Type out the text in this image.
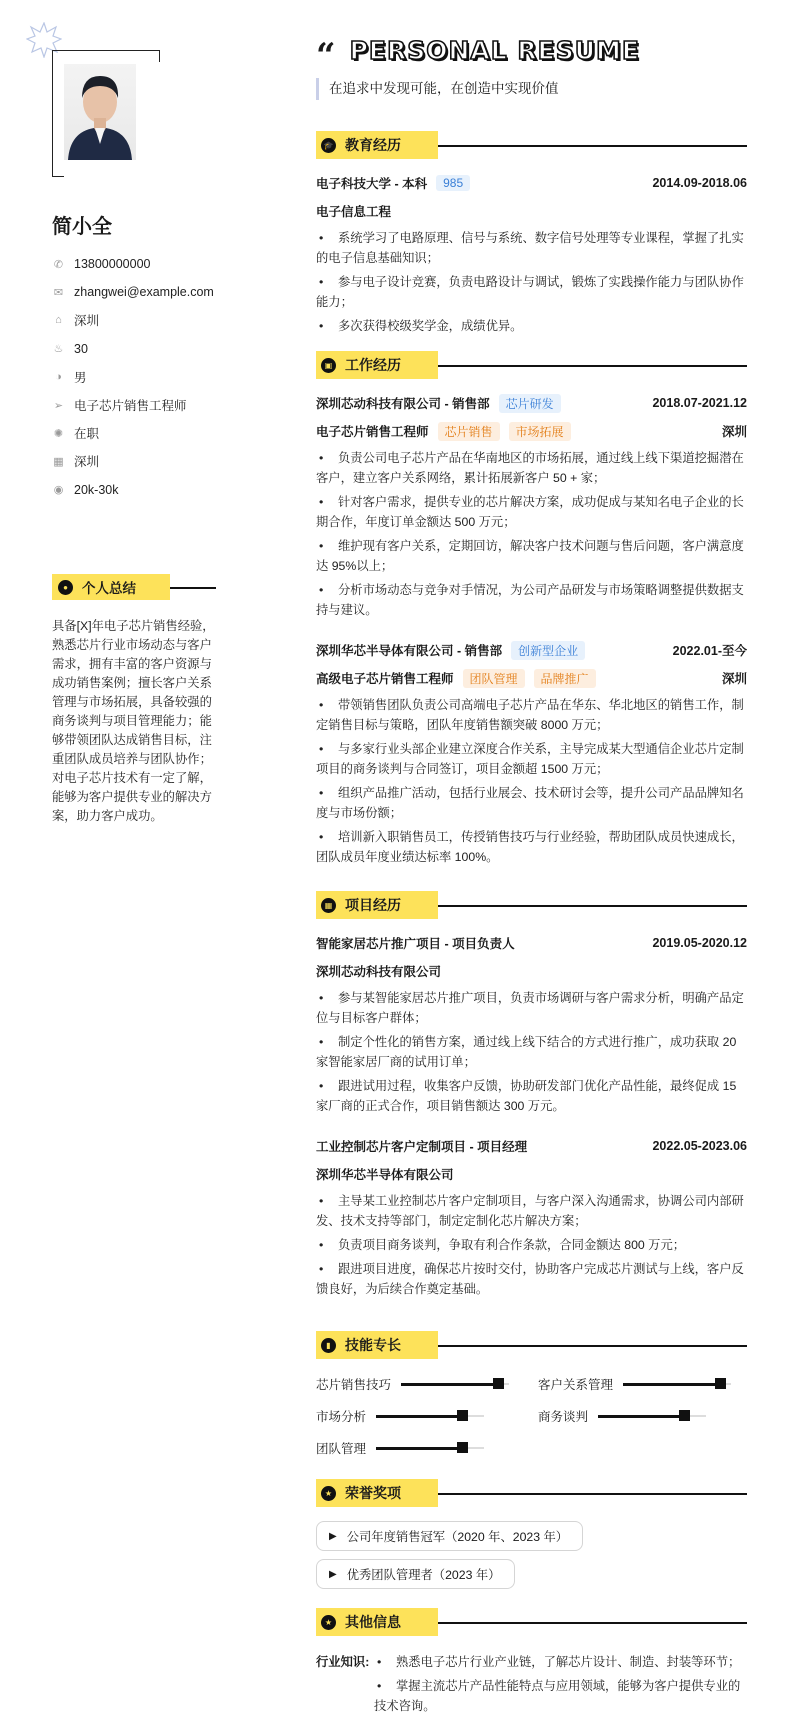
简小全
✆ 13800000000
✉ zhangwei@example.com
⌂ 深圳
♨ 30
◑ 男
➢ 电子芯片销售工程师
✺ 在职
▦ 深圳
◉ 20k-30k
●	个人总结
具备[X]年电子芯片销售经验，熟悉芯片行业市场动态与客户需求，拥有丰富的客户资源与成功销售案例；擅长客户关系管理与市场拓展，具备较强的商务谈判与项目管理能力；能够带领团队达成销售目标，注重团队成员培养与团队协作；对电子芯片技术有一定了解，能够为客户提供专业的解决方案，助力客户成功。
“ PERSONAL RESUME
在追求中发现可能，在创造中实现价值
🎓 教育经历
电子科技大学 - 本科	985	2014.09-2018.06
电子信息工程
• 系统学习了电路原理、信号与系统、数字信号处理等专业课程，掌握了扎实的电子信息基础知识；
• 参与电子设计竞赛，负责电路设计与调试，锻炼了实践操作能力与团队协作能力；
• 多次获得校级奖学金，成绩优异。
▣ 工作经历
深圳芯动科技有限公司 - 销售部	芯片研发	2018.07-2021.12
电子芯片销售工程师	芯片销售	市场拓展	深圳
• 负责公司电子芯片产品在华南地区的市场拓展，通过线上线下渠道挖掘潜在客户，建立客户关系网络，累计拓展新客户 50 + 家；
• 针对客户需求，提供专业的芯片解决方案，成功促成与某知名电子企业的长期合作，年度订单金额达 500 万元；
• 维护现有客户关系，定期回访，解决客户技术问题与售后问题，客户满意度达 95%以上；
• 分析市场动态与竞争对手情况，为公司产品研发与市场策略调整提供数据支持与建议。
深圳华芯半导体有限公司 - 销售部	创新型企业	2022.01-至今
高级电子芯片销售工程师	团队管理	品牌推广	深圳
• 带领销售团队负责公司高端电子芯片产品在华东、华北地区的销售工作，制定销售目标与策略，团队年度销售额突破 8000 万元；
• 与多家行业头部企业建立深度合作关系，主导完成某大型通信企业芯片定制项目的商务谈判与合同签订，项目金额超 1500 万元；
• 组织产品推广活动，包括行业展会、技术研讨会等，提升公司产品品牌知名度与市场份额；
• 培训新入职销售员工，传授销售技巧与行业经验，帮助团队成员快速成长，团队成员年度业绩达标率 100%。
▦ 项目经历
智能家居芯片推广项目 - 项目负责人	2019.05-2020.12
深圳芯动科技有限公司
• 参与某智能家居芯片推广项目，负责市场调研与客户需求分析，明确产品定位与目标客户群体；
• 制定个性化的销售方案，通过线上线下结合的方式进行推广，成功获取 20 家智能家居厂商的试用订单；
• 跟进试用过程，收集客户反馈，协助研发部门优化产品性能，最终促成 15 家厂商的正式合作，项目销售额达 300 万元。
工业控制芯片客户定制项目 - 项目经理	2022.05-2023.06
深圳华芯半导体有限公司
• 主导某工业控制芯片客户定制项目，与客户深入沟通需求，协调公司内部研发、技术支持等部门，制定定制化芯片解决方案；
• 负责项目商务谈判，争取有利合作条款，合同金额达 800 万元；
• 跟进项目进度，确保芯片按时交付，协助客户完成芯片测试与上线，客户反馈良好，为后续合作奠定基础。
▮	技能专长
芯片销售技巧	客户关系管理
市场分析	商务谈判
团队管理
★ 荣誉奖项
▶ 公司年度销售冠军（2020 年、2023 年）
▶ 优秀团队管理者（2023 年）
★ 其他信息
行业知识: • 熟悉电子芯片行业产业链，了解芯片设计、制造、封装等环节；
• 掌握主流芯片产品性能特点与应用领域，能够为客户提供专业的技术咨询。
